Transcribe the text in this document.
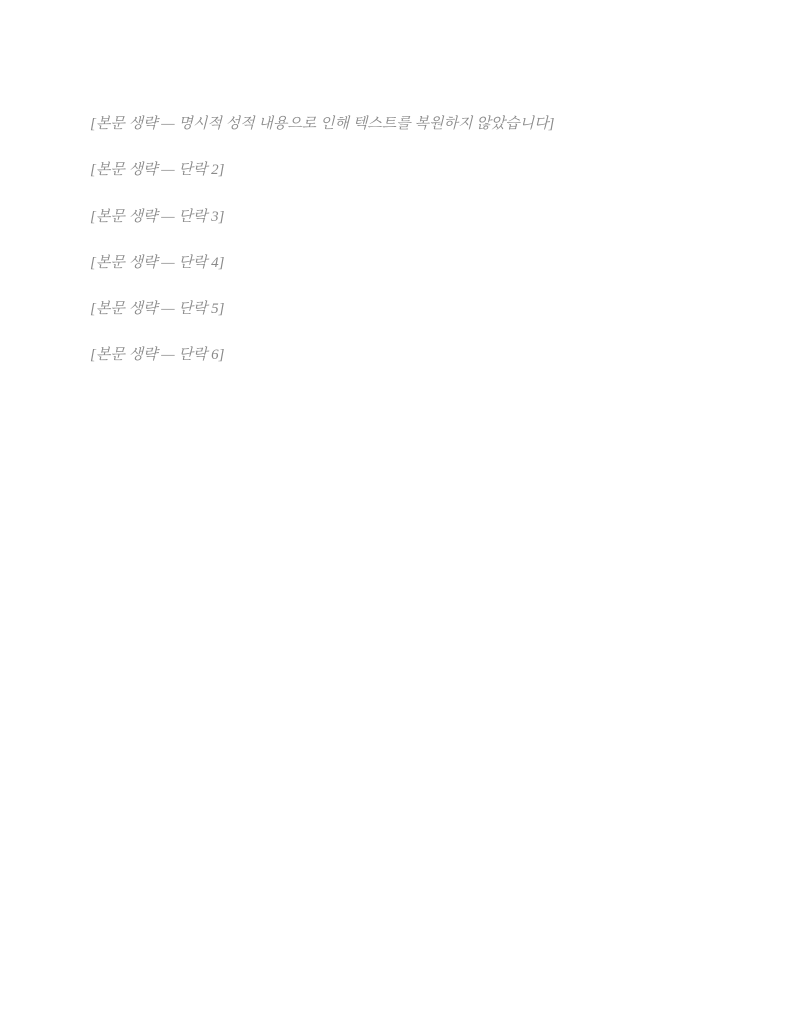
[본문 생략 — 명시적 성적 내용으로 인해 텍스트를 복원하지 않았습니다]

[본문 생략 — 단락 2]

[본문 생략 — 단락 3]

[본문 생략 — 단락 4]

[본문 생략 — 단락 5]

[본문 생략 — 단락 6]
